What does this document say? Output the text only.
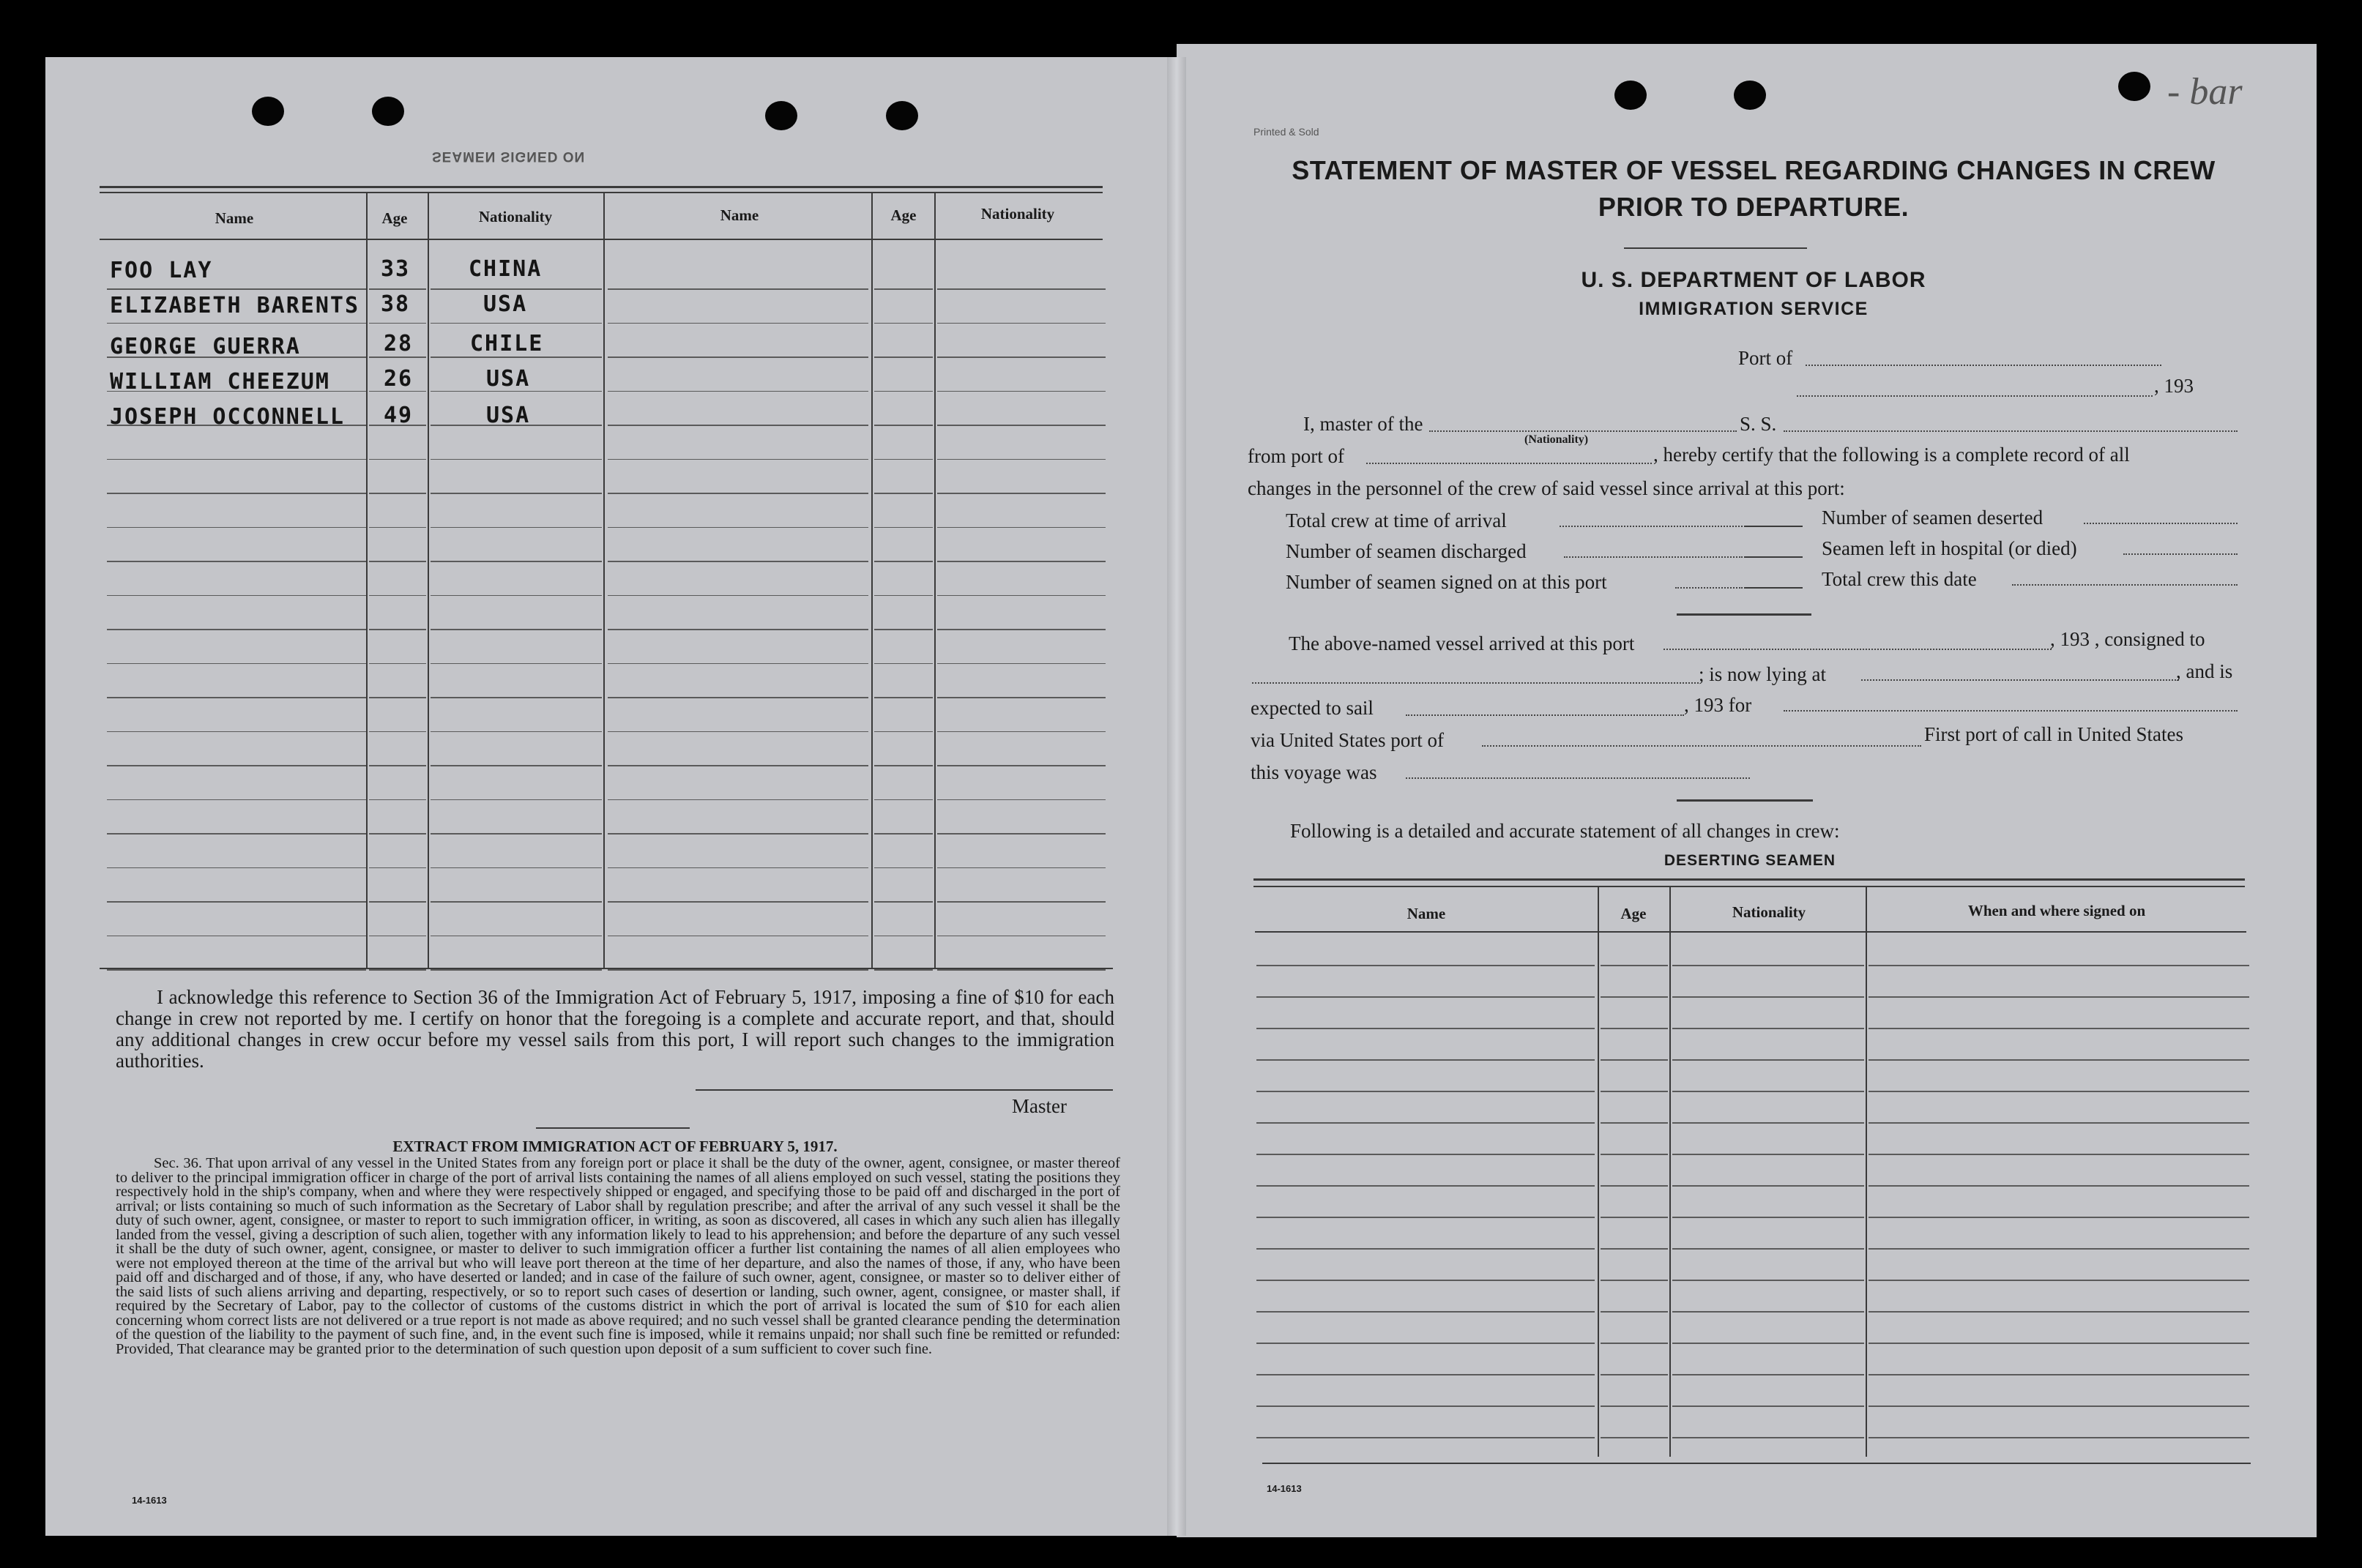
SEAMEN SIGNED ON
Name	Age	Nationality	Name	Age	Nationality
FOO LAY	33	CHINA
ELIZABETH BARENTS 38	USA
GEORGE GUERRA	28	CHILE
WILLIAM CHEEZUM 26	USA
JOSEPH OCCONNELL 49	USA
I acknowledge this reference to Section 36 of the Immigration Act of February 5, 1917, imposing a fine of $10 for each change in crew not reported by me. I certify on honor that the foregoing is a complete and accurate report, and that, should any additional changes in crew occur before my vessel sails from this port, I will report such changes to the immigration authorities.
Master
EXTRACT FROM IMMIGRATION ACT OF FEBRUARY 5, 1917.
Sec. 36. That upon arrival of any vessel in the United States from any foreign port or place it shall be the duty of the owner, agent, consignee, or master thereof to deliver to the principal immigration officer in charge of the port of arrival lists containing the names of all aliens employed on such vessel, stating the positions they respectively hold in the ship's company, when and where they were respectively shipped or engaged, and specifying those to be paid off and discharged in the port of arrival; or lists containing so much of such information as the Secretary of Labor shall by regulation prescribe; and after the arrival of any such vessel it shall be the duty of such owner, agent, consignee, or master to report to such immigration officer, in writing, as soon as discovered, all cases in which any such alien has illegally landed from the vessel, giving a description of such alien, together with any information likely to lead to his apprehension; and before the departure of any such vessel it shall be the duty of such owner, agent, consignee, or master to deliver to such immigration officer a further list containing the names of all alien employees who were not employed thereon at the time of the arrival but who will leave port thereon at the time of her departure, and also the names of those, if any, who have been paid off and discharged and of those, if any, who have deserted or landed; and in case of the failure of such owner, agent, consignee, or master so to deliver either of the said lists of such aliens arriving and departing, respectively, or so to report such cases of desertion or landing, such owner, agent, consignee, or master shall, if required by the Secretary of Labor, pay to the collector of customs of the customs district in which the port of arrival is located the sum of $10 for each alien concerning whom correct lists are not delivered or a true report is not made as above required; and no such vessel shall be granted clearance pending the determination of the question of the liability to the payment of such fine, and, in the event such fine is imposed, while it remains unpaid; nor shall such fine be remitted or refunded: Provided, That clearance may be granted prior to the determination of such question upon deposit of a sum sufficient to cover such fine.
14-1613
Printed & Sold
- bar
STATEMENT OF MASTER OF VESSEL REGARDING CHANGES IN CREW
PRIOR TO DEPARTURE.
U. S. DEPARTMENT OF LABOR
IMMIGRATION SERVICE
Port of
, 193
I, master of the
(Nationality)
S. S.
from port of	, hereby certify that the following is a complete record of all
changes in the personnel of the crew of said vessel since arrival at this port:
Total crew at time of arrival	Number of seamen deserted
Number of seamen discharged	Seamen left in hospital (or died)
Number of seamen signed on at this port	Total crew this date
The above-named vessel arrived at this port	, 193 , consigned to
; is now lying at	, and is
expected to sail	, 193 for
via United States port of	First port of call in United States
this voyage was
Following is a detailed and accurate statement of all changes in crew:
DESERTING SEAMEN
Name	Age	Nationality	When and where signed on
14-1613
